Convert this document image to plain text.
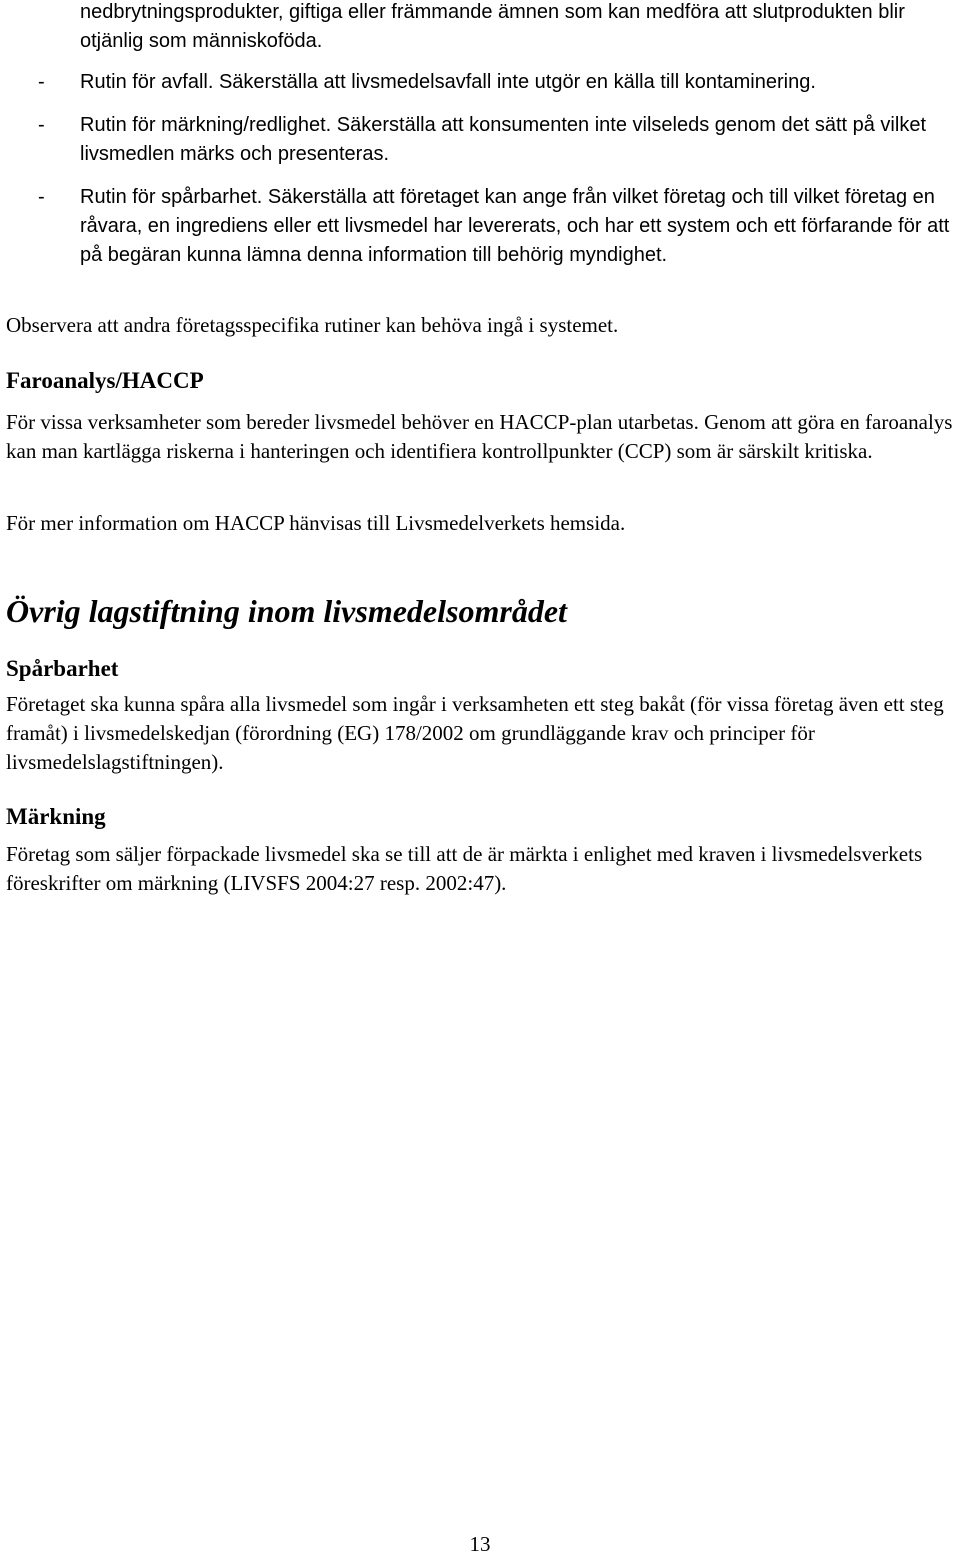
nedbrytningsprodukter, giftiga eller främmande ämnen som kan medföra att slutprodukten blir otjänlig som människoföda.

- Rutin för avfall. Säkerställa att livsmedelsavfall inte utgör en källa till kontaminering.
- Rutin för märkning/redlighet. Säkerställa att konsumenten inte vilseleds genom det sätt på vilket livsmedlen märks och presenteras.
- Rutin för spårbarhet. Säkerställa att företaget kan ange från vilket företag och till vilket företag en råvara, en ingrediens eller ett livsmedel har levererats, och har ett system och ett förfarande för att på begäran kunna lämna denna information till behörig myndighet.

Observera att andra företagsspecifika rutiner kan behöva ingå i systemet.

Faroanalys/HACCP

För vissa verksamheter som bereder livsmedel behöver en HACCP-plan utarbetas. Genom att göra en faroanalys kan man kartlägga riskerna i hanteringen och identifiera kontrollpunkter (CCP) som är särskilt kritiska.

För mer information om HACCP hänvisas till Livsmedelverkets hemsida.

Övrig lagstiftning inom livsmedelsområdet
Spårbarhet

Företaget ska kunna spåra alla livsmedel som ingår i verksamheten ett steg bakåt (för vissa företag även ett steg framåt) i livsmedelskedjan (förordning (EG) 178/2002 om grundläggande krav och principer för livsmedelslagstiftningen).

Märkning

Företag som säljer förpackade livsmedel ska se till att de är märkta i enlighet med kraven i livsmedelsverkets föreskrifter om märkning (LIVSFS 2004:27 resp. 2002:47).

13
